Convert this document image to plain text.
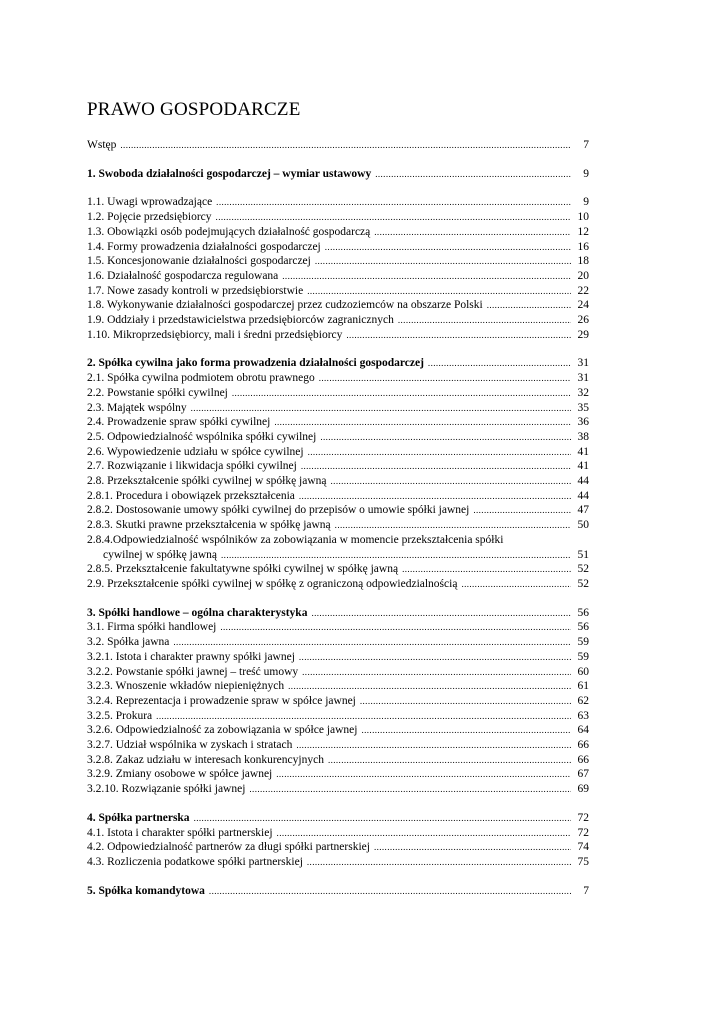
PRAWO GOSPODARCZE
Wstęp .....	7
1. Swoboda działalności gospodarczej – wymiar ustawowy .....	9
1.1. Uwagi wprowadzające .....	9
1.2. Pojęcie przedsiębiorcy .....	10
1.3. Obowiązki osób podejmujących działalność gospodarczą .....	12
1.4. Formy prowadzenia działalności gospodarczej .....	16
1.5. Koncesjonowanie działalności gospodarczej .....	18
1.6. Działalność gospodarcza regulowana .....	20
1.7. Nowe zasady kontroli w przedsiębiorstwie .....	22
1.8. Wykonywanie działalności gospodarczej przez cudzoziemców na obszarze Polski .....	24
1.9. Oddziały i przedstawicielstwa przedsiębiorców zagranicznych .....	26
1.10. Mikroprzedsiębiorcy, mali i średni przedsiębiorcy .....	29
2. Spółka cywilna jako forma prowadzenia działalności gospodarczej .....	31
2.1. Spółka cywilna podmiotem obrotu prawnego .....	31
2.2. Powstanie spółki cywilnej .....	32
2.3. Majątek wspólny .....	35
2.4. Prowadzenie spraw spółki cywilnej .....	36
2.5. Odpowiedzialność wspólnika spółki cywilnej .....	38
2.6. Wypowiedzenie udziału w spółce cywilnej .....	41
2.7. Rozwiązanie i likwidacja spółki cywilnej .....	41
2.8. Przekształcenie spółki cywilnej w spółkę jawną .....	44
2.8.1. Procedura i obowiązek przekształcenia .....	44
2.8.2. Dostosowanie umowy spółki cywilnej do przepisów o umowie spółki jawnej .....	47
2.8.3. Skutki prawne przekształcenia w spółkę jawną .....	50
2.8.4.Odpowiedzialność wspólników za zobowiązania w momencie przekształcenia spółki
cywilnej w spółkę jawną .....	51
2.8.5. Przekształcenie fakultatywne spółki cywilnej w spółkę jawną .....	52
2.9. Przekształcenie spółki cywilnej w spółkę z ograniczoną odpowiedzialnością .....	52
3. Spółki handlowe – ogólna charakterystyka .....	56
3.1. Firma spółki handlowej .....	56
3.2. Spółka jawna .....	59
3.2.1. Istota i charakter prawny spółki jawnej .....	59
3.2.2. Powstanie spółki jawnej – treść umowy .....	60
3.2.3. Wnoszenie wkładów niepieniężnych .....	61
3.2.4. Reprezentacja i prowadzenie spraw w spółce jawnej .....	62
3.2.5. Prokura .....	63
3.2.6. Odpowiedzialność za zobowiązania w spółce jawnej .....	64
3.2.7. Udział wspólnika w zyskach i stratach .....	66
3.2.8. Zakaz udziału w interesach konkurencyjnych .....	66
3.2.9. Zmiany osobowe w spółce jawnej .....	67
3.2.10. Rozwiązanie spółki jawnej .....	69
4. Spółka partnerska .....	72
4.1. Istota i charakter spółki partnerskiej .....	72
4.2. Odpowiedzialność partnerów za długi spółki partnerskiej .....	74
4.3. Rozliczenia podatkowe spółki partnerskiej .....	75
5. Spółka komandytowa .....	7
